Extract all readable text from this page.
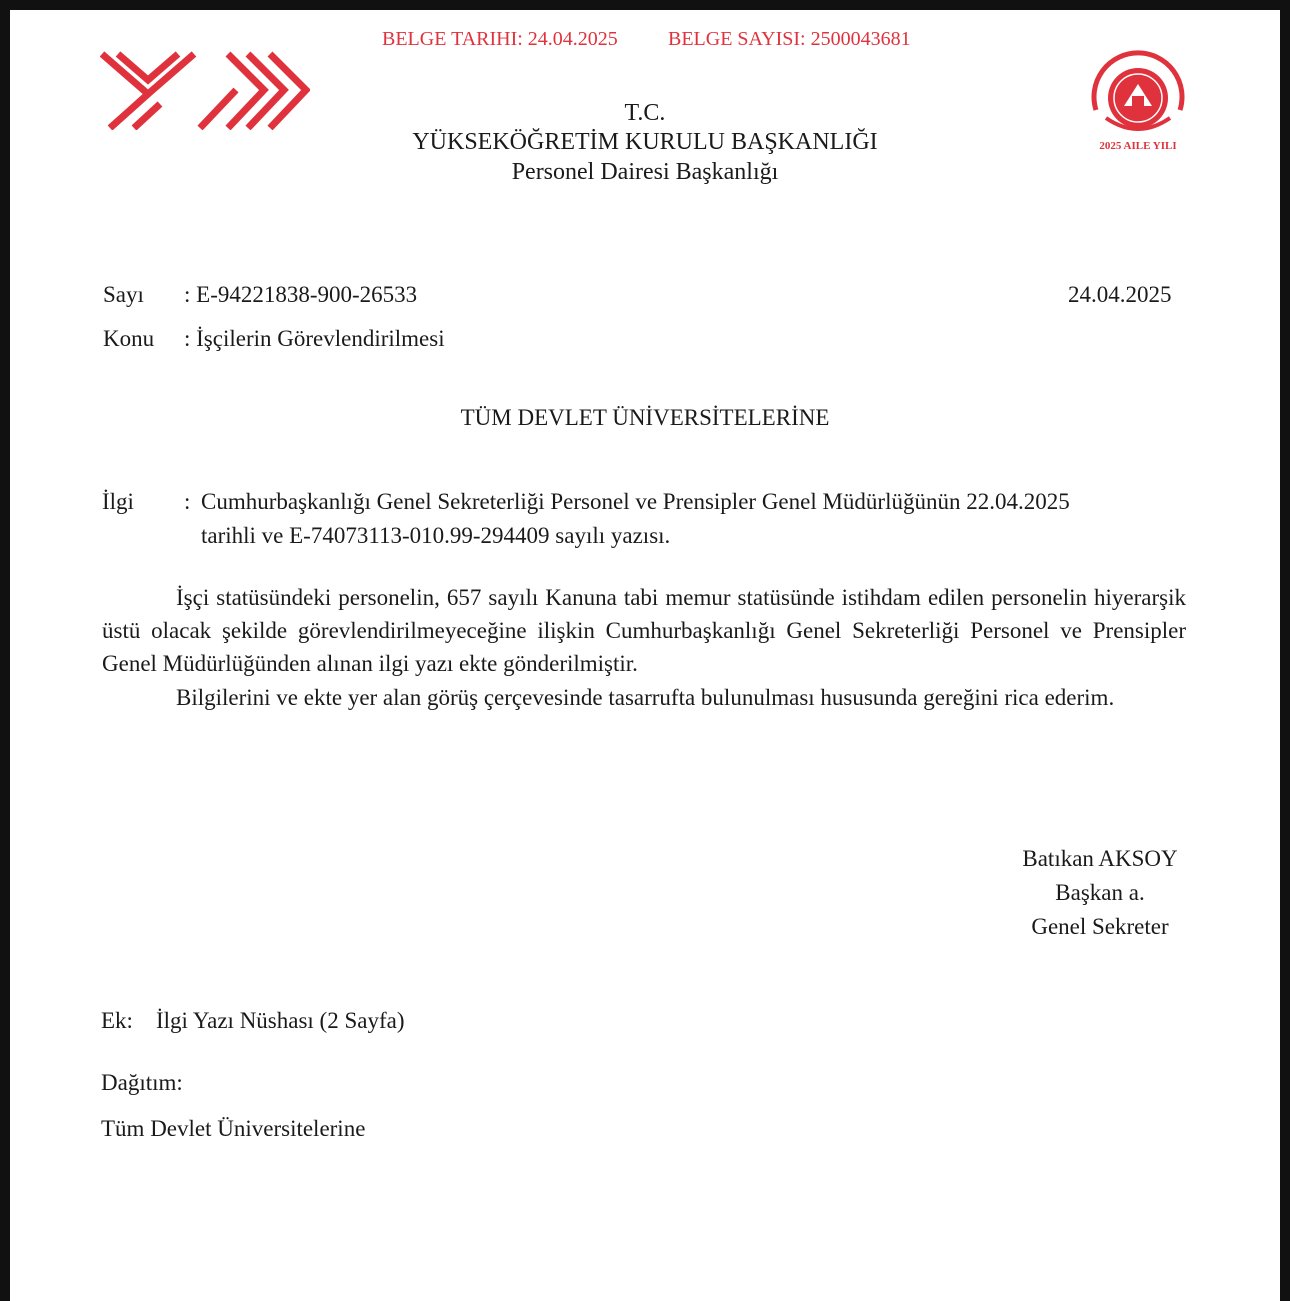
BELGE TARIHI: 24.04.2025	BELGE SAYISI: 2500043681
2025 AILE YILI
T.C.
YÜKSEKÖĞRETİM KURULU BAŞKANLIĞI
Personel Dairesi Başkanlığı
Sayı : E-94221838-900-26533	24.04.2025
Konu : İşçilerin Görevlendirilmesi
TÜM DEVLET ÜNİVERSİTELERİNE
İlgi : Cumhurbaşkanlığı Genel Sekreterliği Personel ve Prensipler Genel Müdürlüğünün 22.04.2025
tarihli ve E-74073113-010.99-294409 sayılı yazısı.
İşçi statüsündeki personelin, 657 sayılı Kanuna tabi memur statüsünde istihdam edilen personelin hiyerarşik üstü olacak şekilde görevlendirilmeyeceğine ilişkin Cumhurbaşkanlığı Genel Sekreterliği Personel ve Prensipler Genel Müdürlüğünden alınan ilgi yazı ekte gönderilmiştir.
Bilgilerini ve ekte yer alan görüş çerçevesinde tasarrufta bulunulması hususunda gereğini rica ederim.
Batıkan AKSOY
Başkan a.
Genel Sekreter
Ek: İlgi Yazı Nüshası (2 Sayfa)
Dağıtım:
Tüm Devlet Üniversitelerine
